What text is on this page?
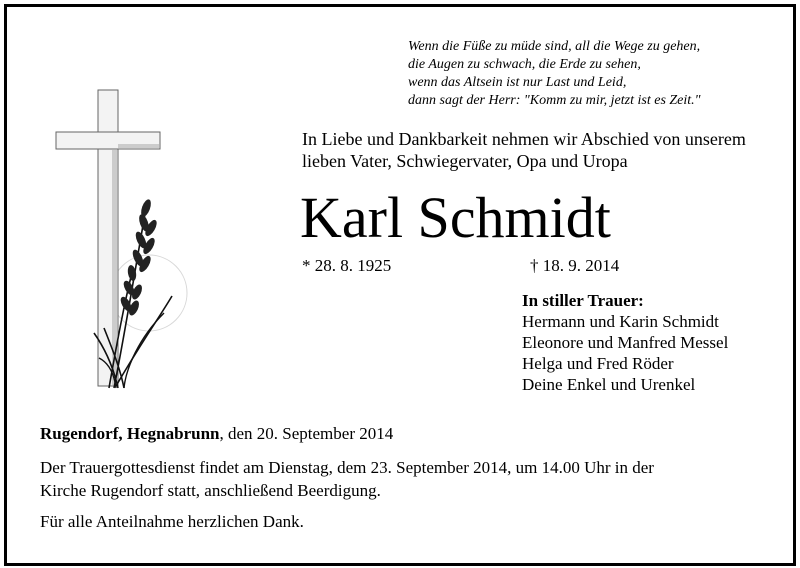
Wenn die Füße zu müde sind, all die Wege zu gehen,
die Augen zu schwach, die Erde zu sehen,
wenn das Altsein ist nur Last und Leid,
dann sagt der Herr: "Komm zu mir, jetzt ist es Zeit."
In Liebe und Dankbarkeit nehmen wir Abschied von unserem
lieben Vater, Schwiegervater, Opa und Uropa
Karl Schmidt
* 28. 8. 1925	† 18. 9. 2014
In stiller Trauer:
Hermann und Karin Schmidt
Eleonore und Manfred Messel
Helga und Fred Röder
Deine Enkel und Urenkel
Rugendorf, Hegnabrunn, den 20. September 2014
Der Trauergottesdienst findet am Dienstag, dem 23. September 2014, um 14.00 Uhr in der
Kirche Rugendorf statt, anschließend Beerdigung.
Für alle Anteilnahme herzlichen Dank.
